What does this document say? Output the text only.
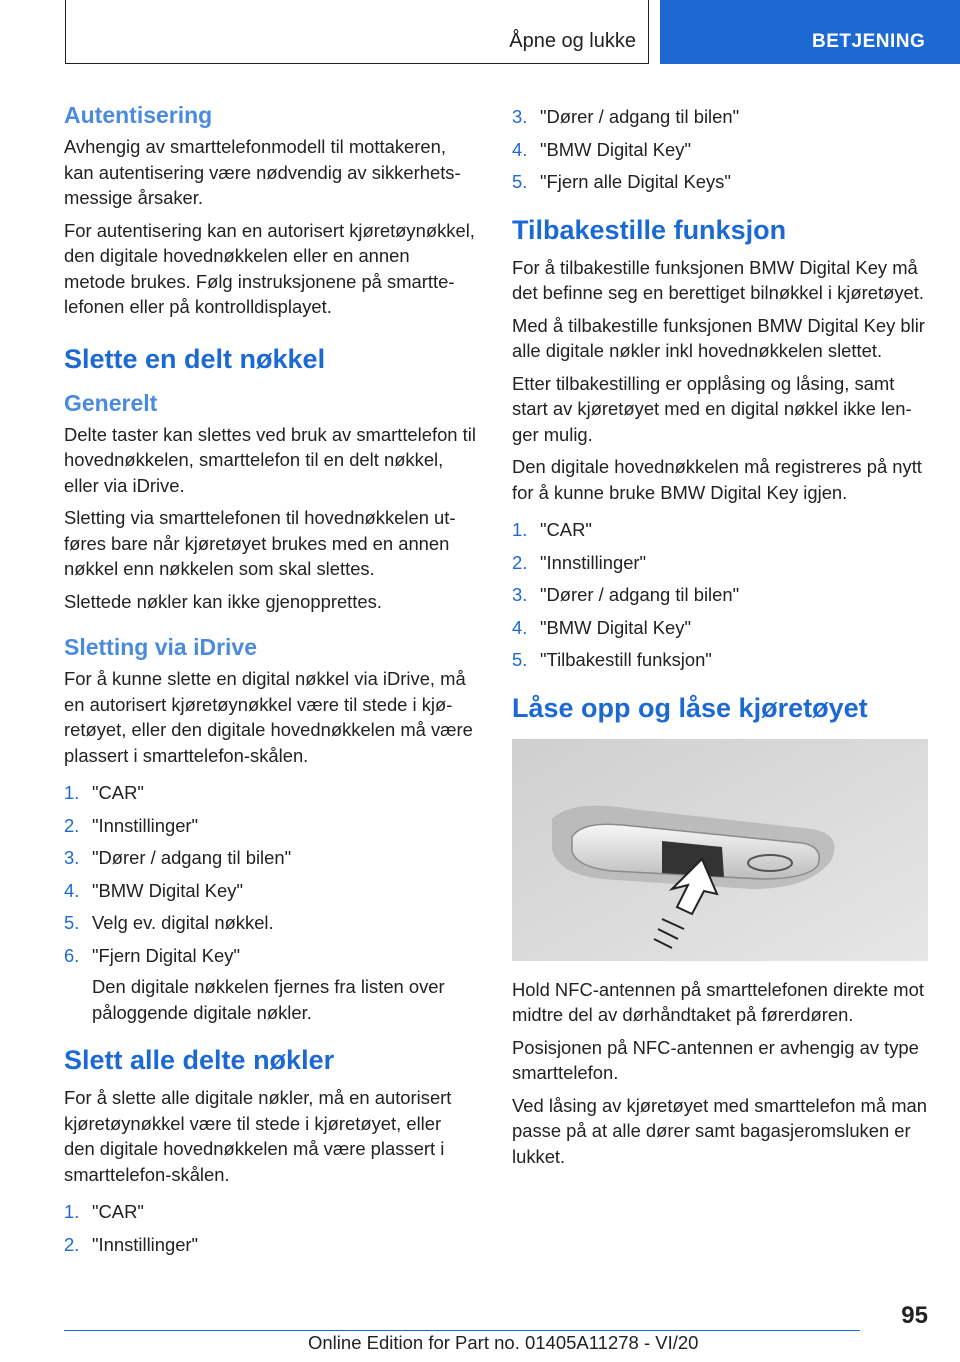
Åpne og lukke	BETJENING
Autentisering

Avhengig av smarttelefonmodell til mottakeren, kan autentisering være nødvendig av sikkerhetsmessige årsaker.

For autentisering kan en autorisert kjøretøynøkkel, den digitale hovednøkkelen eller en annen metode brukes. Følg instruksjonene på smarttelefonen eller på kontrolldisplayet.

Slette en delt nøkkel
Generelt

Delte taster kan slettes ved bruk av smarttelefon til hovednøkkelen, smarttelefon til en delt nøkkel, eller via iDrive.

Sletting via smarttelefonen til hovednøkkelen utføres bare når kjøretøyet brukes med en annen nøkkel enn nøkkelen som skal slettes.

Slettede nøkler kan ikke gjenopprettes.

Sletting via iDrive

For å kunne slette en digital nøkkel via iDrive, må en autorisert kjøretøynøkkel være til stede i kjøretøyet, eller den digitale hovednøkkelen må være plassert i smarttelefon-skålen.

1. "CAR"
2. "Innstillinger"
3. "Dører / adgang til bilen"
4. "BMW Digital Key"
5. Velg ev. digital nøkkel.
6. "Fjern Digital Key"
Den digitale nøkkelen fjernes fra listen over påloggende digitale nøkler.
Slett alle delte nøkler

For å slette alle digitale nøkler, må en autorisert kjøretøynøkkel være til stede i kjøretøyet, eller den digitale hovednøkkelen må være plassert i smarttelefon-skålen.

1. "CAR"
2. "Innstillinger"
3. "Dører / adgang til bilen"
4. "BMW Digital Key"
5. "Fjern alle Digital Keys"
Tilbakestille funksjon

For å tilbakestille funksjonen BMW Digital Key må det befinne seg en berettiget bilnøkkel i kjøretøyet.

Med å tilbakestille funksjonen BMW Digital Key blir alle digitale nøkler inkl hovednøkkelen slettet.

Etter tilbakestilling er opplåsing og låsing, samt start av kjøretøyet med en digital nøkkel ikke lenger mulig.

Den digitale hovednøkkelen må registreres på nytt for å kunne bruke BMW Digital Key igjen.

1. "CAR"
2. "Innstillinger"
3. "Dører / adgang til bilen"
4. "BMW Digital Key"
5. "Tilbakestill funksjon"
Låse opp og låse kjøretøyet

Hold NFC-antennen på smarttelefonen direkte mot midtre del av dørhåndtaket på førerdøren.

Posisjonen på NFC-antennen er avhengig av type smarttelefon.

Ved låsing av kjøretøyet med smarttelefon må man passe på at alle dører samt bagasjeromsluken er lukket.

95
Online Edition for Part no. 01405A11278 - VI/20
